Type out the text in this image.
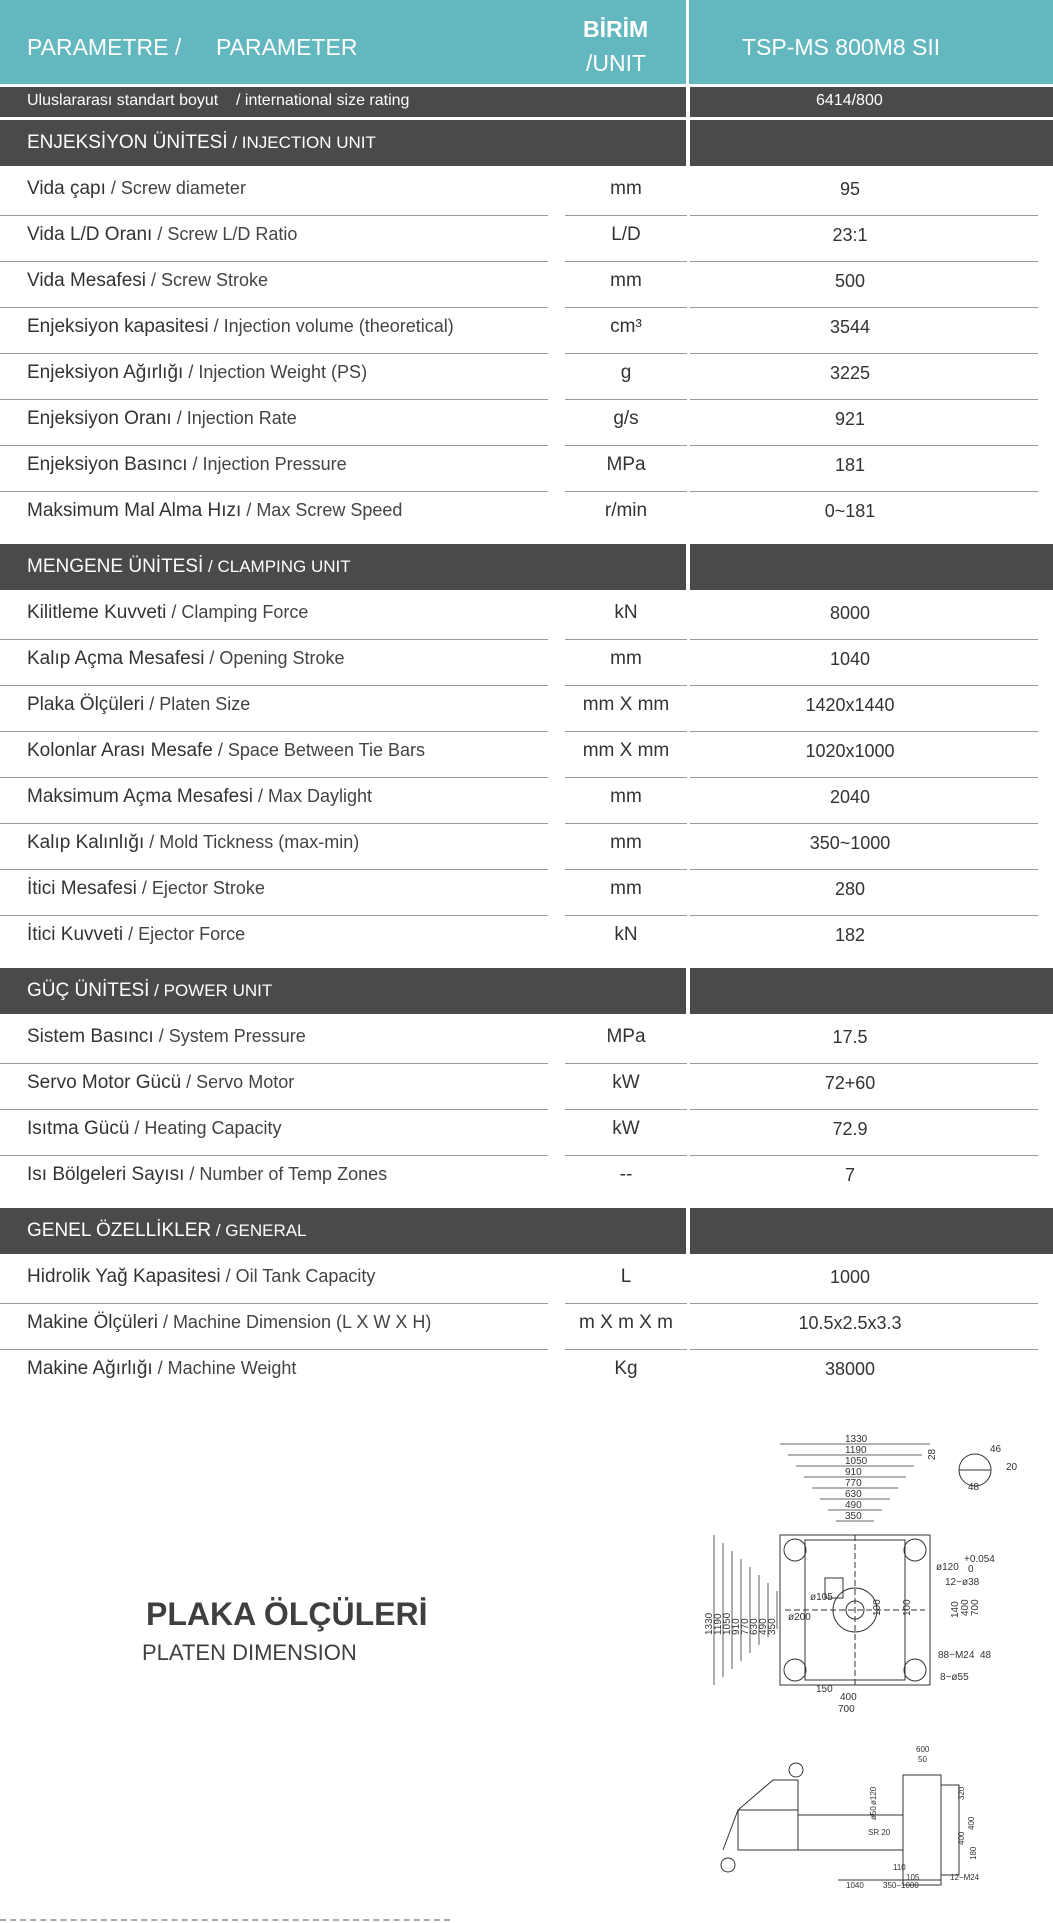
PARAMETRE / PARAMETER
BİRİM
/UNIT
TSP-MS 800M8 SII
Uluslararası standart boyut / international size rating	6414/800
ENJEKSİYON ÜNİTESİ / INJECTION UNIT
Vida çapı / Screw diameter	mm	95
Vida L/D Oranı / Screw L/D Ratio	L/D	23:1
Vida Mesafesi / Screw Stroke	mm	500
Enjeksiyon kapasitesi / Injection volume (theoretical)	cm³	3544
Enjeksiyon Ağırlığı / Injection Weight (PS)	g	3225
Enjeksiyon Oranı / Injection Rate	g/s	921
Enjeksiyon Basıncı / Injection Pressure	MPa	181
Maksimum Mal Alma Hızı / Max Screw Speed	r/min	0~181
MENGENE ÜNİTESİ / CLAMPING UNIT
Kilitleme Kuvveti / Clamping Force	kN	8000
Kalıp Açma Mesafesi / Opening Stroke	mm	1040
Plaka Ölçüleri / Platen Size	mm X mm	1420x1440
Kolonlar Arası Mesafe / Space Between Tie Bars	mm X mm	1020x1000
Maksimum Açma Mesafesi / Max Daylight	mm	2040
Kalıp Kalınlığı / Mold Tickness (max-min)	mm	350~1000
İtici Mesafesi / Ejector Stroke	mm	280
İtici Kuvveti / Ejector Force	kN	182
GÜÇ ÜNİTESİ / POWER UNIT
Sistem Basıncı / System Pressure	MPa	17.5
Servo Motor Gücü / Servo Motor	kW	72+60
Isıtma Gücü / Heating Capacity	kW	72.9
Isı Bölgeleri Sayısı / Number of Temp Zones	--	7
GENEL ÖZELLİKLER / GENERAL
Hidrolik Yağ Kapasitesi / Oil Tank Capacity	L	1000
Makine Ölçüleri / Machine Dimension (L X W X H)	m X m X m	10.5x2.5x3.3
Makine Ağırlığı / Machine Weight	Kg	38000
PLAKA ÖLÇÜLERİ
PLATEN DIMENSION
1330
1190
1050
910
770
630
490
350
1330
1190
1050
910
770
630
490
350
ø120
+0.054
0
12−ø38
ø105
ø200
100	140 400 700
88−M24 48
8−ø55
150
400
700
28	46
48
20
100
600
50
1040 350−1000
110
105	12−M24
SR 20
ø50
ø120	320
400
400
180
